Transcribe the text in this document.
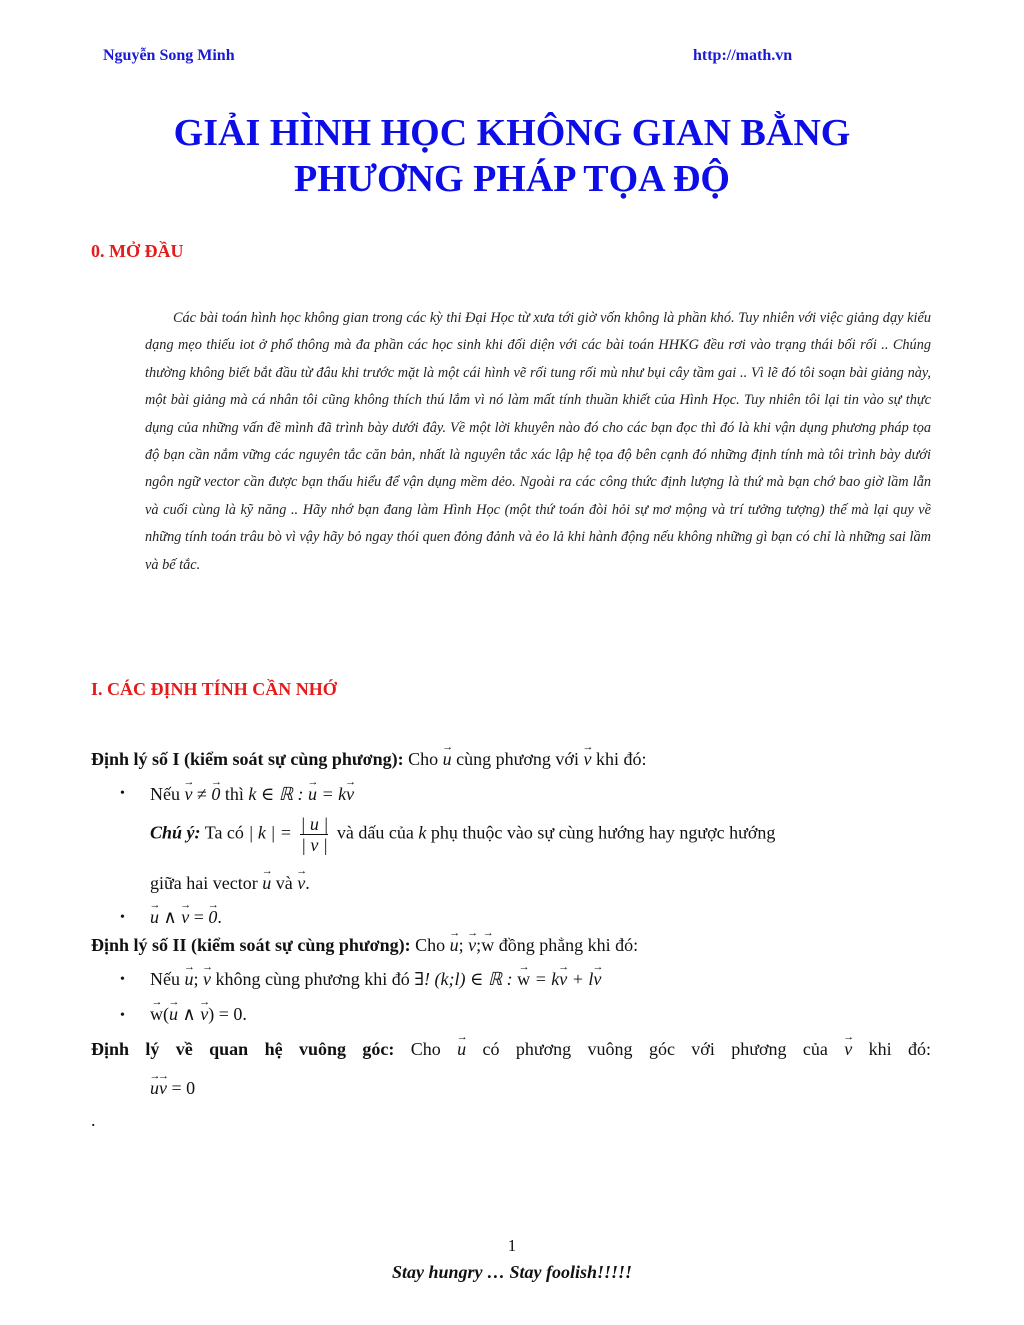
Nguyễn Song Minh	http://math.vn
GIẢI HÌNH HỌC KHÔNG GIAN BẰNG
PHƯƠNG PHÁP TỌA ĐỘ
0. MỞ ĐẦU

Các bài toán hình học không gian trong các kỳ thi Đại Học từ xưa tới giờ vốn không là phần khó. Tuy nhiên với việc giảng dạy kiểu dạng mẹo thiếu iot ở phổ thông mà đa phần các học sinh khi đối diện với các bài toán HHKG đều rơi vào trạng thái bối rối .. Chúng thường không biết bắt đầu từ đâu khi trước mặt là một cái hình vẽ rối tung rối mù như bụi cây tầm gai .. Vì lẽ đó tôi soạn bài giảng này, một bài giảng mà cá nhân tôi cũng không thích thú lắm vì nó làm mất tính thuần khiết của Hình Học. Tuy nhiên tôi lại tin vào sự thực dụng của những vấn đề mình đã trình bày dưới đây. Về một lời khuyên nào đó cho các bạn đọc thì đó là khi vận dụng phương pháp tọa độ bạn cần nắm vững các nguyên tắc căn bản, nhất là nguyên tắc xác lập hệ tọa độ bên cạnh đó những định tính mà tôi trình bày dưới ngôn ngữ vector cần được bạn thấu hiểu để vận dụng mềm dẻo. Ngoài ra các công thức định lượng là thứ mà bạn chớ bao giờ lầm lẫn và cuối cùng là kỹ năng .. Hãy nhớ bạn đang làm Hình Học (một thứ toán đòi hỏi sự mơ mộng và trí tưởng tượng) thế mà lại quy về những tính toán trâu bò vì vậy hãy bỏ ngay thói quen đỏng đảnh và ẻo lả khi hành động nếu không những gì bạn có chỉ là những sai lầm và bế tắc.

I. CÁC ĐỊNH TÍNH CẦN NHỚ
Định lý số I (kiểm soát sự cùng phương): Cho → u cùng phương với → v khi đó:
• Nếu → v ≠ → 0 thì k ∈ ℝ : → u = k→ v
Chú ý: Ta có | k | = $\frac{| u |}{| v |}$ và dấu của k phụ thuộc vào sự cùng hướng hay ngược hướng
giữa hai vector → u và → v.
• → u ∧ → v = → 0.
Định lý số II (kiểm soát sự cùng phương): Cho → u; → v;→ w đồng phẳng khi đó:
• Nếu → u; → v không cùng phương khi đó ∃! (k;l) ∈ ℝ : → w = k→ v + l→ v
• → w(→ u ∧ → v) = 0.
Định lý về quan hệ vuông góc: Cho → u có phương vuông góc với phương của → v khi đó:
→ u→ v = 0
.
1
Stay hungry … Stay foolish!!!!!
